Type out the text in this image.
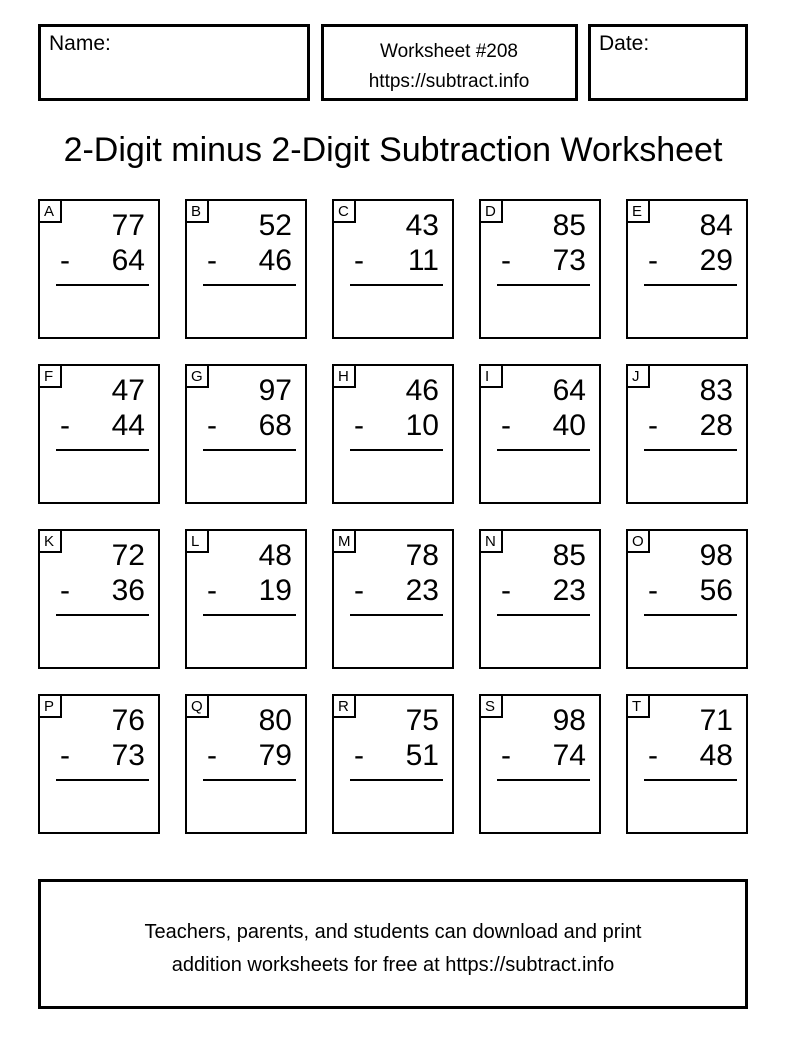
Name:	Worksheet #208
https://subtract.info
Date:
2-Digit minus 2-Digit Subtraction Worksheet
A	77
-	64
B	52
-	46
C	43
-	11
D	85
-	73
E	84
-	29
F	47
-	44
G	97
-	68
H	46
-	10
I	64
-	40
J	83
-	28
K	72
-	36
L	48
-	19
M	78
-	23
N	85
-	23
O	98
-	56
P	76
-	73
Q	80
-	79
R	75
-	51
S	98
-	74
T	71
-	48

Teachers, parents, and students can download and print

addition worksheets for free at https://subtract.info
